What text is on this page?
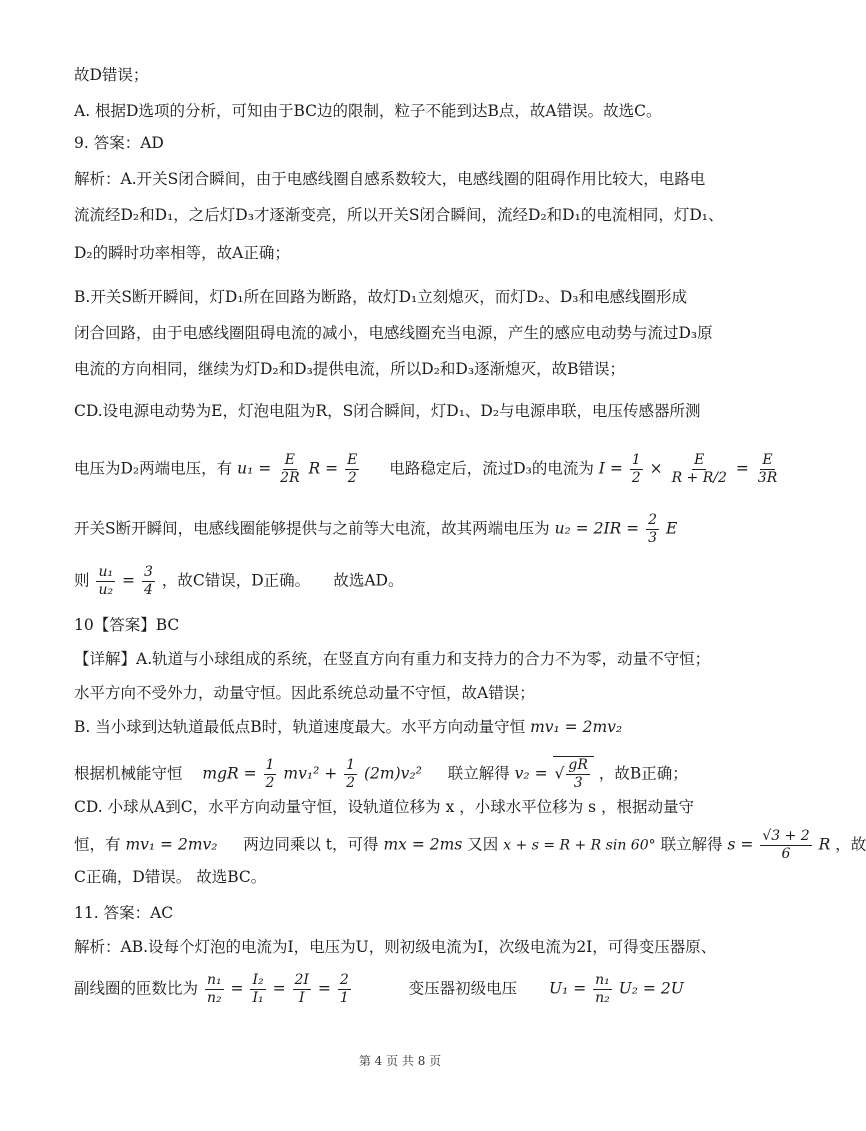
故D错误；
A. 根据D选项的分析，可知由于BC边的限制，粒子不能到达B点，故A错误。故选C。
9. 答案：AD
解析：A.开关S闭合瞬间，由于电感线圈自感系数较大，电感线圈的阻碍作用比较大，电路电
流流经D₂和D₁，之后灯D₃才逐渐变亮，所以开关S闭合瞬间，流经D₂和D₁的电流相同，灯D₁、
D₂的瞬时功率相等，故A正确；
B.开关S断开瞬间，灯D₁所在回路为断路，故灯D₁立刻熄灭，而灯D₂、D₃和电感线圈形成
闭合回路，由于电感线圈阻碍电流的减小，电感线圈充当电源，产生的感应电动势与流过D₃原
电流的方向相同，继续为灯D₂和D₃提供电流，所以D₂和D₃逐渐熄灭，故B错误；
CD.设电源电动势为E，灯泡电阻为R，S闭合瞬间，灯D₁、D₂与电源串联，电压传感器所测
电压为D₂两端电压，有 $u_1 = \frac{E}{2R}$ $R = \frac{E}{2}$ 电路稳定后，流过D₃的电流为 $I = \frac{1}{2} \times \frac{E}{R + R/2} = \frac{E}{3R}$
开关S断开瞬间，电感线圈能够提供与之前等大电流，故其两端电压为 $u_2 = 2IR = \frac{2}{3}$ E
则 $\frac{\text{u₁}}{\text{u₂}} = \frac{3}{4}$ ，故C错误，D正确。　　故选AD。
10【答案】BC
【详解】A.轨道与小球组成的系统，在竖直方向有重力和支持力的合力不为零，动量不守恒；
水平方向不受外力，动量守恒。因此系统总动量不守恒，故A错误；
B. 当小球到达轨道最低点B时，轨道速度最大。水平方向动量守恒 mv₁ = 2mv₂
根据机械能守恒 mgR = $\frac{1}{2} mv_1^2 + \frac{1}{2} (2m)v_2^2$ 联立解得 v₂ = √ $\frac{gR}{3}$ ，故B正确；
CD. 小球从A到C，水平方向动量守恒，设轨道位移为 x ，小球水平位移为 s ，根据动量守
恒，有 mv₁ = 2mv₂ 两边同乘以 t，可得 mx = 2ms 又因 x + s = R + R sin 60° 联立解得 $s = \frac{√3 + 2}{6}$ R ，故
C正确，D错误。 故选BC。
11. 答案：AC
解析：AB.设每个灯泡的电流为I，电压为U，则初级电流为I，次级电流为2I，可得变压器原、
副线圈的匝数比为 $\frac{\text{n₁}}{\text{n₂}} = \frac{\text{I₂}}{\text{I₁}} = \frac{2I}{I} = \frac{2}{1}$	变压器初级电压 $U_1 = \frac{\text{n₁}}{\text{n₂}} U_2 = 2U$
第 4 页 共 8 页
